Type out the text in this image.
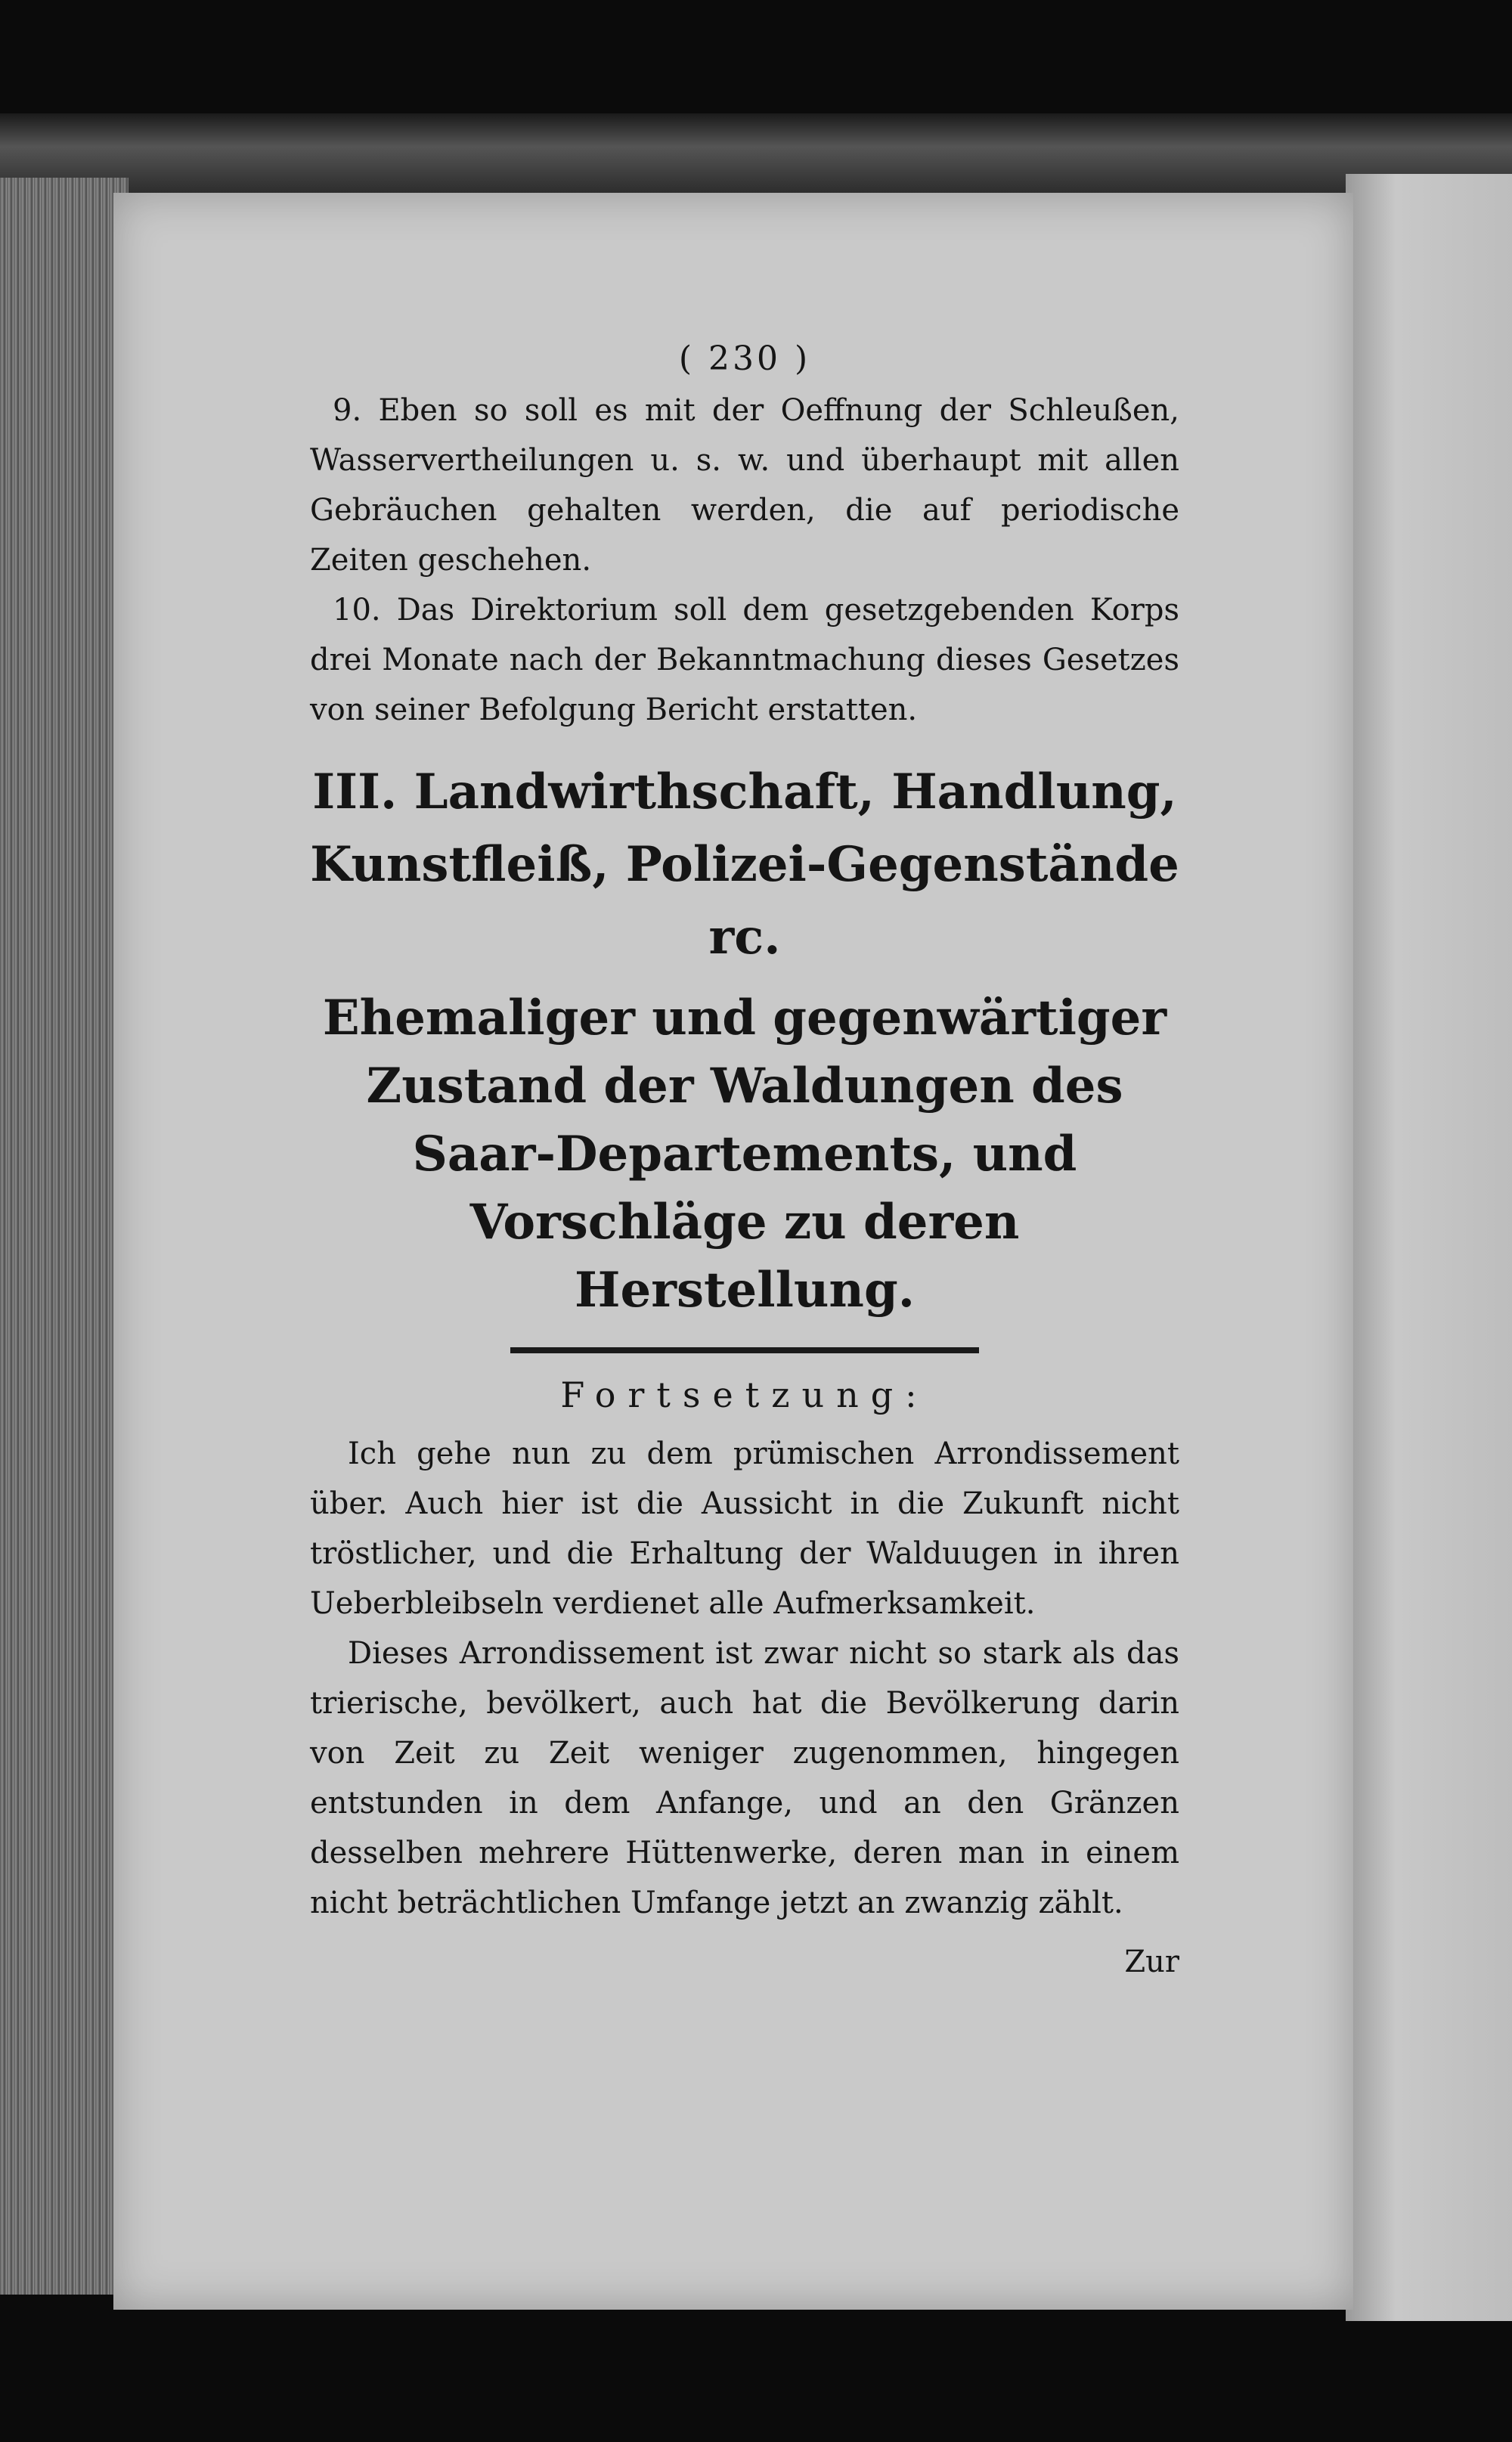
( 230 )

9. Eben so soll es mit der Oeffnung der Schleußen, Wasservertheilungen u. s. w. und überhaupt mit allen Gebräuchen gehalten werden, die auf periodische Zeiten geschehen.

10. Das Direktorium soll dem gesetzgebenden Korps drei Monate nach der Bekanntmachung dieses Gesetzes von seiner Befolgung Bericht erstatten.

III. Landwirthschaft, Handlung, Kunstfleiß, Polizei-Gegenstände rc.
Ehemaliger und gegenwärtiger Zustand der Waldungen des Saar-Departements, und Vorschläge zu deren Herstellung.
Fortsetzung:

Ich gehe nun zu dem prümischen Arrondissement über. Auch hier ist die Aussicht in die Zukunft nicht tröstlicher, und die Erhaltung der Walduugen in ihren Ueberbleibseln verdienet alle Aufmerksamkeit.

Dieses Arrondissement ist zwar nicht so stark als das trierische, bevölkert, auch hat die Bevölkerung darin von Zeit zu Zeit weniger zugenommen, hingegen entstunden in dem Anfange, und an den Gränzen desselben mehrere Hüttenwerke, deren man in einem nicht beträchtlichen Umfange jetzt an zwanzig zählt.

Zur
